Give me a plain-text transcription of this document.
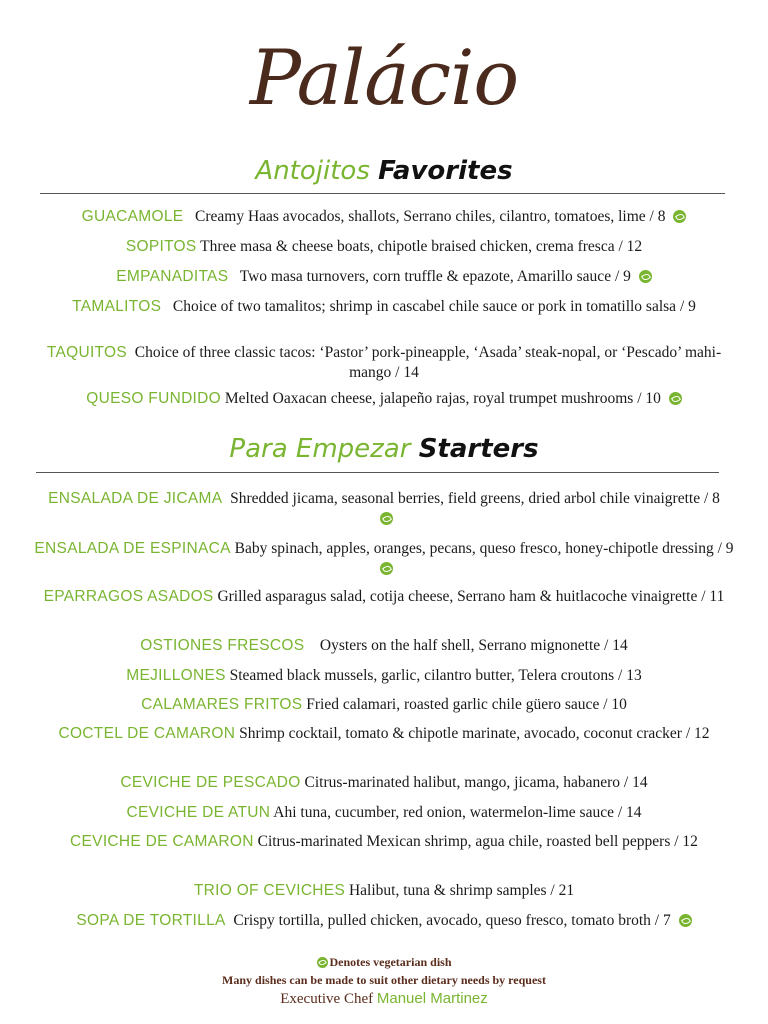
Palácio
Antojitos Favorites
GUACAMOLE Creamy Haas avocados, shallots, Serrano chiles, cilantro, tomatoes, lime / 8
SOPITOS Three masa & cheese boats, chipotle braised chicken, crema fresca / 12
EMPANADITAS Two masa turnovers, corn truffle & epazote, Amarillo sauce / 9
TAMALITOS Choice of two tamalitos; shrimp in cascabel chile sauce or pork in tomatillo salsa / 9
TAQUITOS Choice of three classic tacos: ‘Pastor’ pork-pineapple, ‘Asada’ steak-nopal, or ‘Pescado’ mahi-mango / 14
QUESO FUNDIDO Melted Oaxacan cheese, jalapeño rajas, royal trumpet mushrooms / 10
Para Empezar Starters
ENSALADA DE JICAMA Shredded jicama, seasonal berries, field greens, dried arbol chile vinaigrette / 8
ENSALADA DE ESPINACA Baby spinach, apples, oranges, pecans, queso fresco, honey-chipotle dressing / 9
EPARRAGOS ASADOS Grilled asparagus salad, cotija cheese, Serrano ham & huitlacoche vinaigrette / 11
OSTIONES FRESCOS Oysters on the half shell, Serrano mignonette / 14
MEJILLONES Steamed black mussels, garlic, cilantro butter, Telera croutons / 13
CALAMARES FRITOS Fried calamari, roasted garlic chile güero sauce / 10
COCTEL DE CAMARON Shrimp cocktail, tomato & chipotle marinate, avocado, coconut cracker / 12
CEVICHE DE PESCADO Citrus-marinated halibut, mango, jicama, habanero / 14
CEVICHE DE ATUN Ahi tuna, cucumber, red onion, watermelon-lime sauce / 14
CEVICHE DE CAMARON Citrus-marinated Mexican shrimp, agua chile, roasted bell peppers / 12
TRIO OF CEVICHES Halibut, tuna & shrimp samples / 21
SOPA DE TORTILLA Crispy tortilla, pulled chicken, avocado, queso fresco, tomato broth / 7
Denotes vegetarian dish
Many dishes can be made to suit other dietary needs by request
Executive Chef Manuel Martinez
